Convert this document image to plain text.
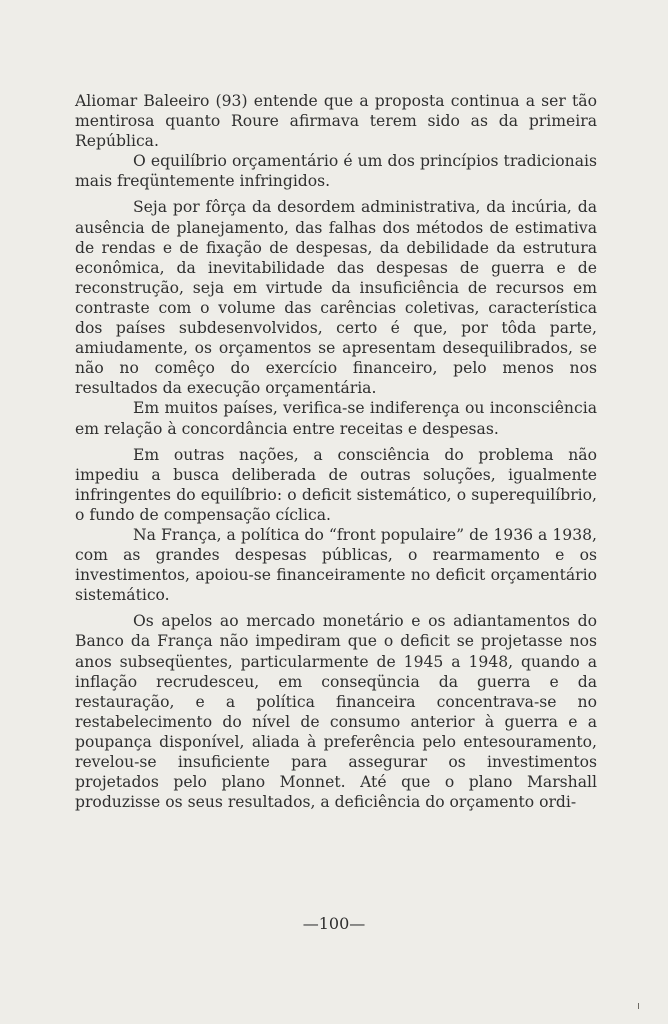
Aliomar Baleeiro (93) entende que a proposta continua a ser tão mentirosa quanto Roure afirmava terem sido as da primeira República.

O equilíbrio orçamentário é um dos princípios tradicionais mais freqüntemente infringidos.

Seja por fôrça da desordem administrativa, da incúria, da ausência de planejamento, das falhas dos métodos de estimativa de rendas e de fixação de despesas, da debilidade da estrutura econômica, da inevitabilidade das despesas de guerra e de reconstrução, seja em virtude da insuficiência de recursos em contraste com o volume das carências coletivas, característica dos países subdesenvolvidos, certo é que, por tôda parte, amiudamente, os orçamentos se apresentam desequilibrados, se não no comêço do exercício financeiro, pelo menos nos resultados da execução orçamentária.

Em muitos países, verifica-se indiferença ou inconsciência em relação à concordância entre receitas e despesas.

Em outras nações, a consciência do problema não impediu a busca deliberada de outras soluções, igualmente infringentes do equilíbrio: o deficit sistemático, o superequilíbrio, o fundo de compensação cíclica.

Na França, a política do “front populaire” de 1936 a 1938, com as grandes despesas públicas, o rearmamento e os investimentos, apoiou-se financeiramente no deficit orçamentário sistemático.

Os apelos ao mercado monetário e os adiantamentos do Banco da França não impediram que o deficit se projetasse nos anos subseqüentes, particularmente de 1945 a 1948, quando a inflação recrudesceu, em conseqüncia da guerra e da restauração, e a política financeira concentrava-se no restabelecimento do nível de consumo anterior à guerra e a poupança disponível, aliada à preferência pelo entesouramento, revelou-se insuficiente para assegurar os investimentos projetados pelo plano Monnet. Até que o plano Marshall produzisse os seus resultados, a deficiência do orçamento ordi-

—100—
